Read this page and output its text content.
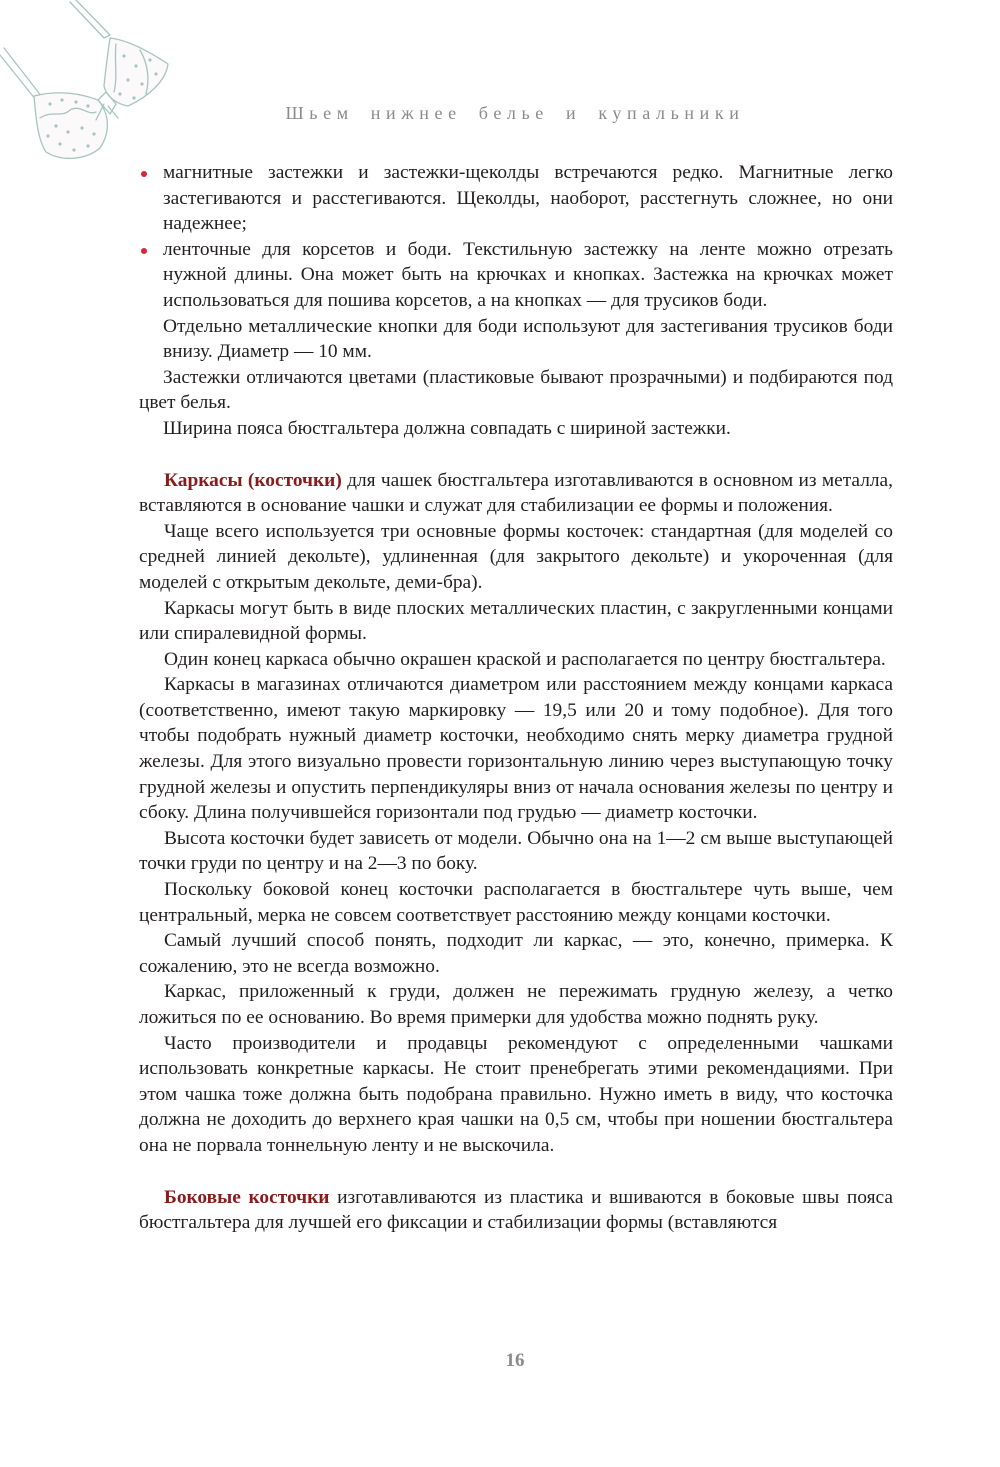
Шьем нижнее белье и купальники
магнитные застежки и застежки-щеколды встречаются редко. Магнитные легко застегиваются и расстегиваются. Щеколды, наоборот, расстегнуть сложнее, но они надежнее;
ленточные для корсетов и боди. Текстильную застежку на ленте можно отрезать нужной длины. Она может быть на крючках и кнопках. Застежка на крючках может использоваться для пошива корсетов, а на кнопках — для трусиков боди.

Отдельно металлические кнопки для боди используют для застегивания трусиков боди внизу. Диаметр — 10 мм.

Застежки отличаются цветами (пластиковые бывают прозрачными) и подбираются под цвет белья.

Ширина пояса бюстгальтера должна совпадать с шириной застежки.

Каркасы (косточки) для чашек бюстгальтера изготавливаются в основном из металла, вставляются в основание чашки и служат для стабилизации ее формы и положения.

Чаще всего используется три основные формы косточек: стандартная (для моделей со средней линией декольте), удлиненная (для закрытого декольте) и укороченная (для моделей с открытым декольте, деми-бра).

Каркасы могут быть в виде плоских металлических пластин, с закругленными концами или спиралевидной формы.

Один конец каркаса обычно окрашен краской и располагается по центру бюстгальтера.

Каркасы в магазинах отличаются диаметром или расстоянием между концами каркаса (соответственно, имеют такую маркировку — 19,5 или 20 и тому подобное). Для того чтобы подобрать нужный диаметр косточки, необходимо снять мерку диаметра грудной железы. Для этого визуально провести горизонтальную линию через выступающую точку грудной железы и опустить перпендикуляры вниз от начала основания железы по центру и сбоку. Длина получившейся горизонтали под грудью — диаметр косточки.

Высота косточки будет зависеть от модели. Обычно она на 1—2 см выше выступающей точки груди по центру и на 2—3 по боку.

Поскольку боковой конец косточки располагается в бюстгальтере чуть выше, чем центральный, мерка не совсем соответствует расстоянию между концами косточки.

Самый лучший способ понять, подходит ли каркас, — это, конечно, примерка. К сожалению, это не всегда возможно.

Каркас, приложенный к груди, должен не пережимать грудную железу, а четко ложиться по ее основанию. Во время примерки для удобства можно поднять руку.

Часто производители и продавцы рекомендуют с определенными чашками использовать конкретные каркасы. Не стоит пренебрегать этими рекомендациями. При этом чашка тоже должна быть подобрана правильно. Нужно иметь в виду, что косточка должна не доходить до верхнего края чашки на 0,5 см, чтобы при ношении бюстгальтера она не порвала тоннельную ленту и не выскочила.

Боковые косточки изготавливаются из пластика и вшиваются в боковые швы пояса бюстгальтера для лучшей его фиксации и стабилизации формы (вставляются

16
